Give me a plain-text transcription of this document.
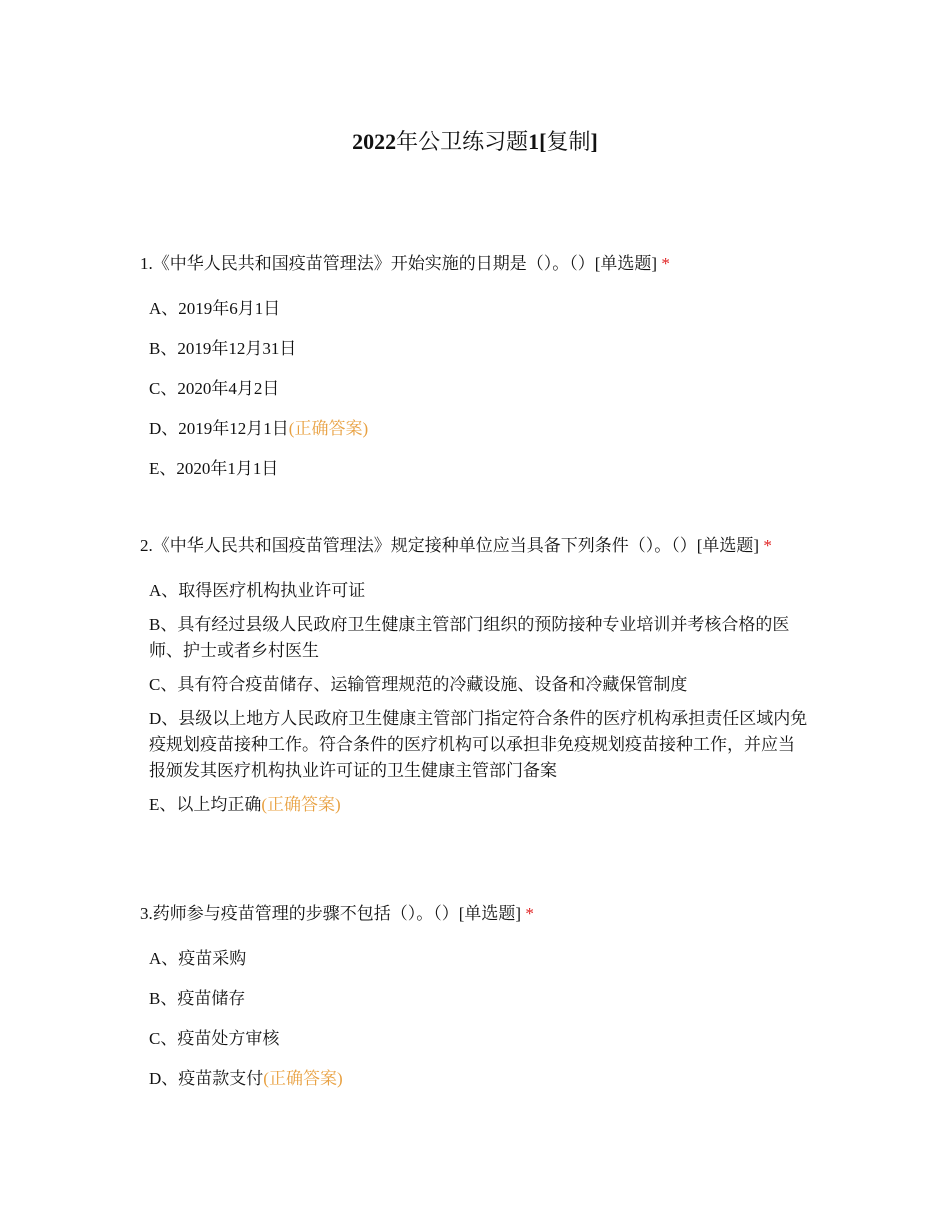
2022年公卫练习题1[复制]

1.《中华人民共和国疫苗管理法》开始实施的日期是（）。（）[单选题] *

A、2019年6月1日
B、2019年12月31日
C、2020年4月2日
D、2019年12月1日(正确答案)
E、2020年1月1日

2.《中华人民共和国疫苗管理法》规定接种单位应当具备下列条件（）。（）[单选题] *

A、取得医疗机构执业许可证
B、具有经过县级人民政府卫生健康主管部门组织的预防接种专业培训并考核合格的医师、护士或者乡村医生
C、具有符合疫苗储存、运输管理规范的冷藏设施、设备和冷藏保管制度
D、县级以上地方人民政府卫生健康主管部门指定符合条件的医疗机构承担责任区域内免疫规划疫苗接种工作。符合条件的医疗机构可以承担非免疫规划疫苗接种工作，并应当报颁发其医疗机构执业许可证的卫生健康主管部门备案
E、以上均正确(正确答案)

3.药师参与疫苗管理的步骤不包括（）。（）[单选题] *

A、疫苗采购
B、疫苗储存
C、疫苗处方审核
D、疫苗款支付(正确答案)
